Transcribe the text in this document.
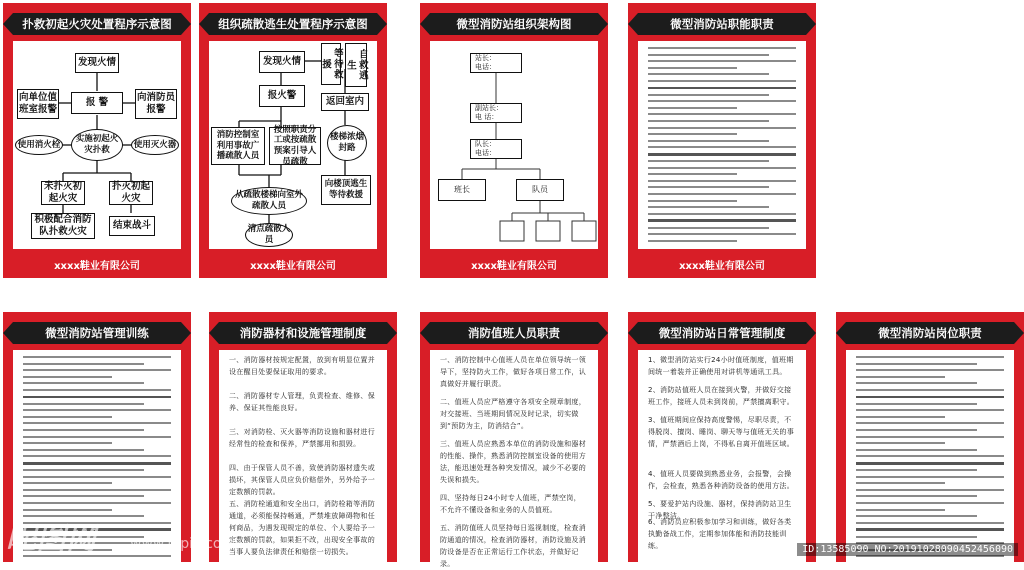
扑救初起火灾处置程序示意图
发现火情
向单位值班室报警
报 警	向消防员报警
实施初起火灾扑救
使用消火栓	使用灭火器
未扑灭初起火灾
扑灭初起火灾
积极配合消防队扑救火灾
结束战斗
xxxx鞋业有限公司
组织疏散逃生处置程序示意图
发现火情	等待救援	自救逃生
报火警
返回室内
消防控制室利用事故广播疏散人员
按照职责分工或按疏散预案引导人员疏散
楼梯浓烟封路
从疏散楼梯向室外疏散人员
向楼顶逃生等待救援
清点疏散人员
xxxx鞋业有限公司
微型消防站组织架构图
站长：
电话：
副站长：
电 话：
队长：
电话：
班长	队员
xxxx鞋业有限公司
微型消防站职能职责
xxxx鞋业有限公司
微型消防站管理训练	消防器材和设施管理制度
一、消防器材按规定配置，放到有明显位置并设在醒目处要保证取用的要求。
二、消防器材专人管理，负责检查、维修、保养、保证其性能良好。
三、对消防栓、灭火器等消防设施和器材进行经常性的检查和保养，严禁挪用和损毁。
四、由于保管人员不善，致使消防器材遗失或损坏，其保管人员应负价赔偿外，另外给予一定数额的罚款。
五、消防栓通道和安全出口，消防栓箱等消防通道，必须能保持畅通，严禁堆放障碍物和任何商品，为遇发现规定的单位、个人要给予一定数额的罚款，如果拒不改，出现安全事故的当事人要负法律责任和赔偿一切损失。
消防值班人员职责
一、消防控制中心值班人员在单位领导统一领导下，坚持防火工作，做好各项日常工作，认真做好并履行职责。
二、值班人员应严格遵守各项安全规章制度，对交接班、当班期间情况及时记录，切实做到“预防为主，防消结合”。
三、值班人员应熟悉本单位的消防设施和器材的性能、操作，熟悉消防控制室设备的使用方法，能迅速处理各种突发情况，减少不必要的失误和损失。
四、坚持每日24小时专人值班，严禁空岗，不允许不懂设备和业务的人员值班。
五、消防值班人员坚持每日巡视制度，检查消防通道的情况，检查消防器材，消防设施及消防设备是否在正常运行工作状态，并做好记录。
微型消防站日常管理制度
1、微型消防站实行24小时值班制度，值班期间统一着装并正确使用对讲机等通讯工具。
2、消防站值班人员在接到火警，并做好交接班工作，接班人员未到岗前，严禁擅离职守。
3、值班期间应保持高度警惕，尽职尽责，不得脱岗、擅岗、睡岗、聊天等与值班无关的事情，严禁酒后上岗，不得私自离开值班区域。
4、值班人员要做到熟悉业务，会报警，会操作，会检查，熟悉各种消防设备的使用方法。
5、要爱护站内设施、器材，保持消防站卫生干净整洁。
6、消防员应积极参加学习和训练，做好各类执勤备战工作，定期参加体能和消防技能训练。
微型消防站岗位职责
昵图网 www.nipic.com	ID:13585090 NO:20191028090452456090
